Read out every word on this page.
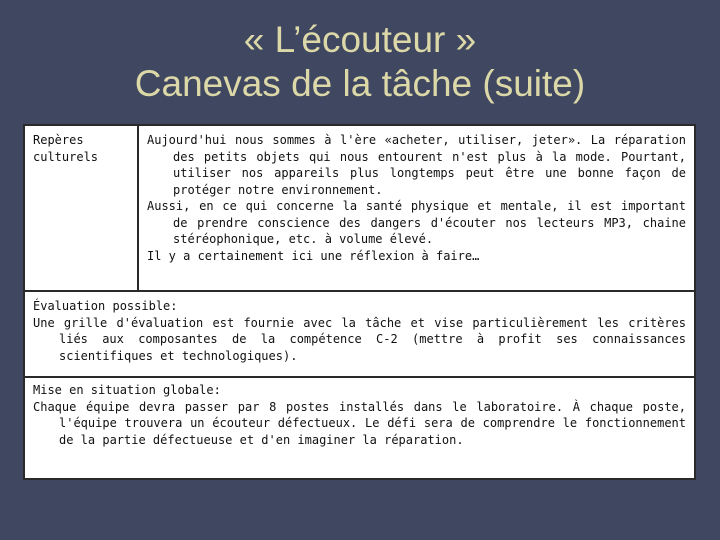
« L’écouteur »
Canevas de la tâche (suite)
Repères culturels
Aujourd'hui nous sommes à l'ère «acheter, utiliser, jeter». La réparation des petits objets qui nous entourent n'est plus à la mode. Pourtant, utiliser nos appareils plus longtemps peut être une bonne façon de protéger notre environnement.
Aussi, en ce qui concerne la santé physique et mentale, il est important de prendre conscience des dangers d'écouter nos lecteurs MP3, chaine stéréophonique, etc. à volume élevé.
Il y a certainement ici une réflexion à faire…
Évaluation possible:
Une grille d'évaluation est fournie avec la tâche et vise particulièrement les critères liés aux composantes de la compétence C-2 (mettre à profit ses connaissances scientifiques et technologiques).
Mise en situation globale:
Chaque équipe devra passer par 8 postes installés dans le laboratoire. À chaque poste, l'équipe trouvera un écouteur défectueux. Le défi sera de comprendre le fonctionnement de la partie défectueuse et d'en imaginer la réparation.
